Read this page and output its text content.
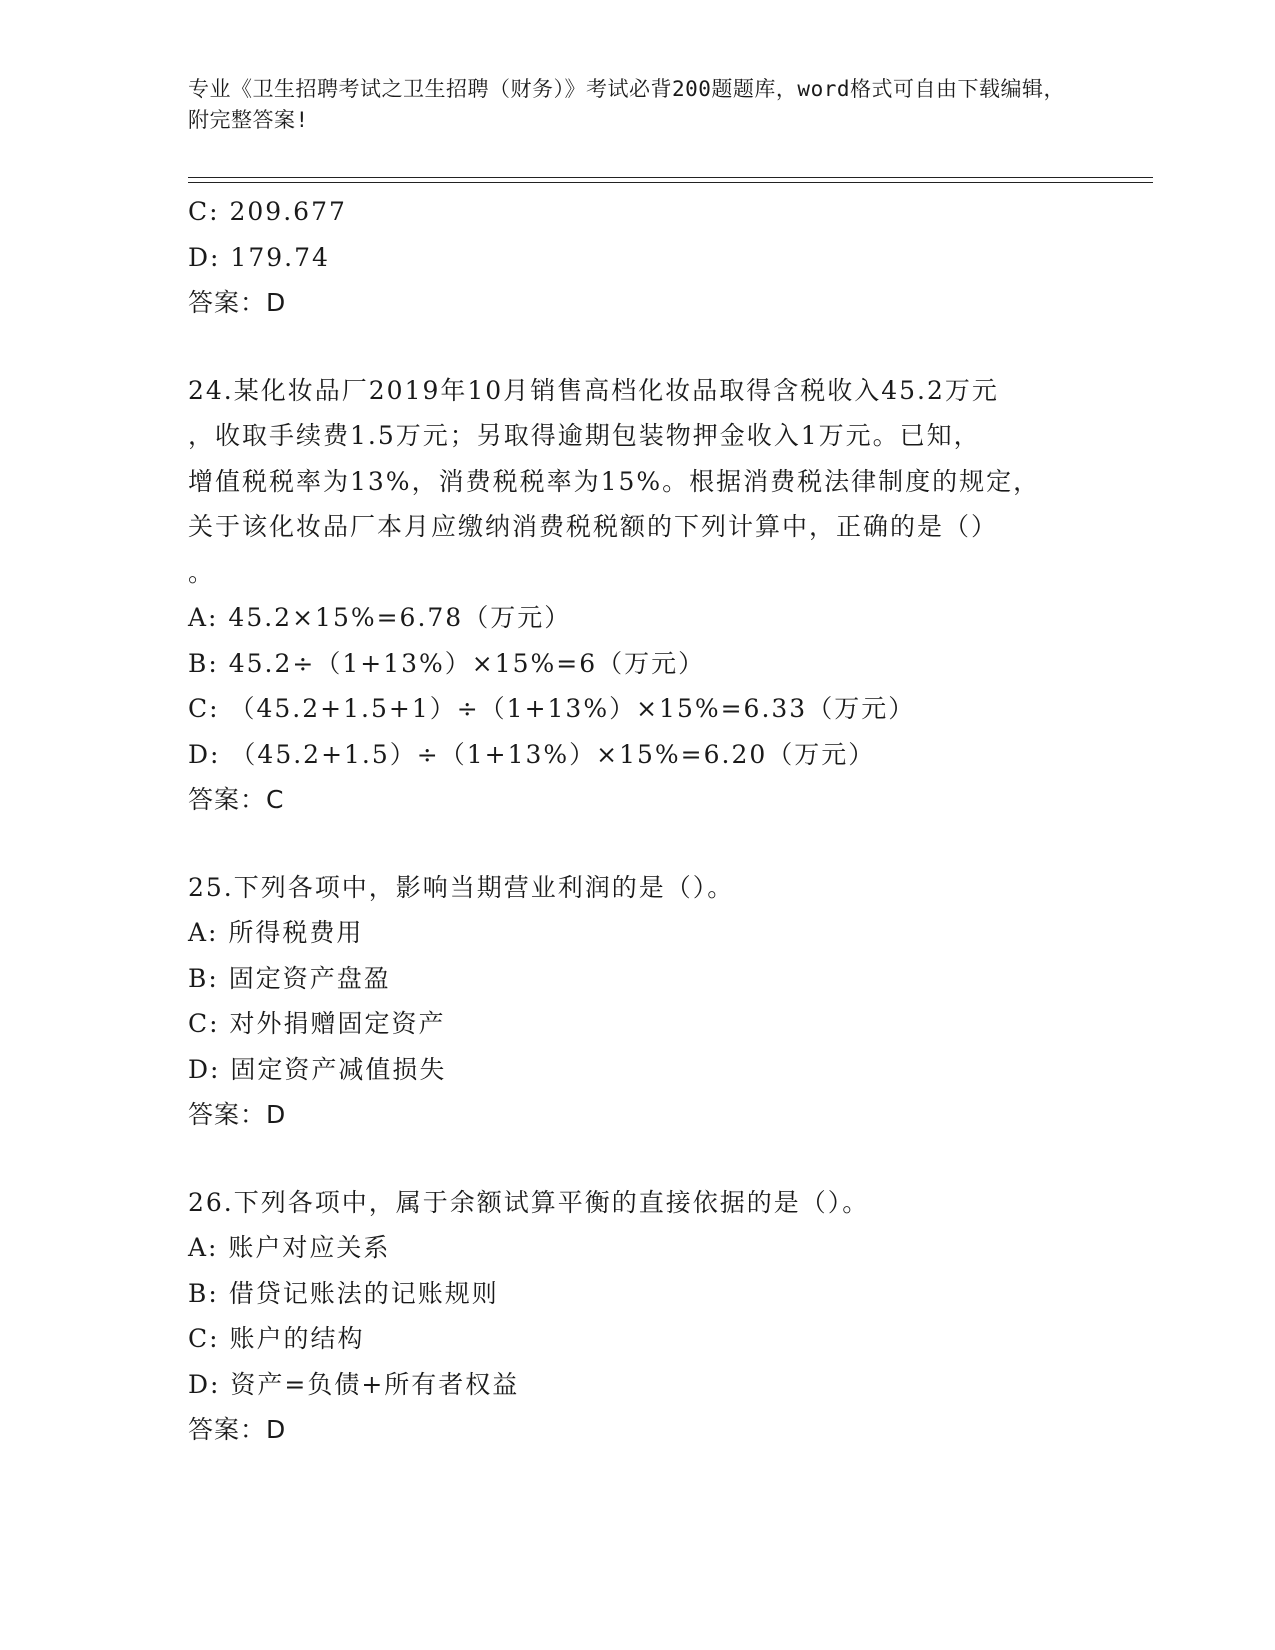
专业《卫生招聘考试之卫生招聘（财务）》考试必背200题题库，word格式可自由下载编辑，附完整答案!
C: 209.677
D: 179.74
答案：D
24.某化妆品厂2019年10月销售高档化妆品取得含税收入45.2万元
，收取手续费1.5万元；另取得逾期包装物押金收入1万元。已知，
增值税税率为13%，消费税税率为15%。根据消费税法律制度的规定，
关于该化妆品厂本月应缴纳消费税税额的下列计算中，正确的是（）
。
A: 45.2×15%=6.78（万元）
B: 45.2÷（1+13%）×15%=6（万元）
C: （45.2+1.5+1）÷（1+13%）×15%=6.33（万元）
D: （45.2+1.5）÷（1+13%）×15%=6.20（万元）
答案：C
25.下列各项中，影响当期营业利润的是（）。
A: 所得税费用
B: 固定资产盘盈
C: 对外捐赠固定资产
D: 固定资产减值损失
答案：D
26.下列各项中，属于余额试算平衡的直接依据的是（）。
A: 账户对应关系
B: 借贷记账法的记账规则
C: 账户的结构
D: 资产=负债+所有者权益
答案：D
